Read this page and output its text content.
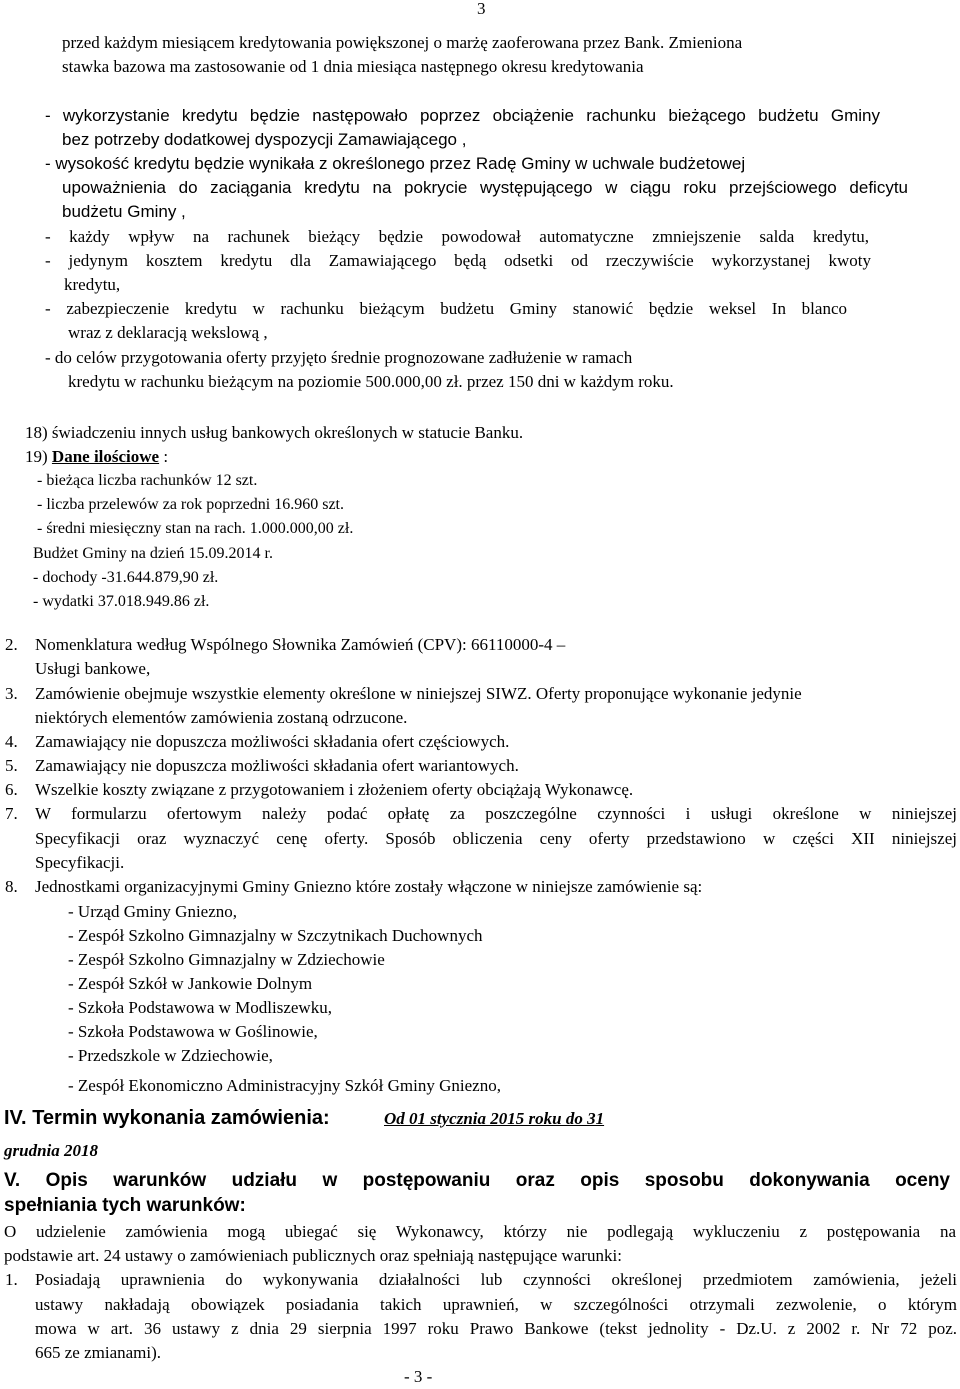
3
przed każdym miesiącem kredytowania powiększonej o marżę zaoferowana przez Bank. Zmieniona
stawka bazowa ma zastosowanie od 1 dnia miesiąca następnego okresu kredytowania
- wykorzystanie kredytu będzie następowało poprzez obciążenie rachunku bieżącego budżetu Gminy
bez potrzeby dodatkowej dyspozycji Zamawiającego ,
- wysokość kredytu będzie wynikała z określonego przez Radę Gminy w uchwale budżetowej
upoważnienia do zaciągania kredytu na pokrycie występującego w ciągu roku przejściowego deficytu
budżetu Gminy ,
- każdy wpływ na rachunek bieżący będzie powodował automatyczne zmniejszenie salda kredytu,
- jedynym kosztem kredytu dla Zamawiającego będą odsetki od rzeczywiście wykorzystanej kwoty
kredytu,
- zabezpieczenie kredytu w rachunku bieżącym budżetu Gminy stanowić będzie weksel In blanco
wraz z deklaracją wekslową ,
- do celów przygotowania oferty przyjęto średnie prognozowane zadłużenie w ramach
kredytu w rachunku bieżącym na poziomie 500.000,00 zł. przez 150 dni w każdym roku.
18) świadczeniu innych usług bankowych określonych w statucie Banku.
19) Dane ilościowe :
- bieżąca liczba rachunków 12 szt.
- liczba przelewów za rok poprzedni 16.960 szt.
- średni miesięczny stan na rach. 1.000.000,00 zł.
Budżet Gminy na dzień 15.09.2014 r.
- dochody -31.644.879,90 zł.
- wydatki 37.018.949.86 zł.
2. Nomenklatura według Wspólnego Słownika Zamówień (CPV): 66110000-4 –
Usługi bankowe,
3. Zamówienie obejmuje wszystkie elementy określone w niniejszej SIWZ. Oferty proponujące wykonanie jedynie
niektórych elementów zamówienia zostaną odrzucone.
4. Zamawiający nie dopuszcza możliwości składania ofert częściowych.
5. Zamawiający nie dopuszcza możliwości składania ofert wariantowych.
6. Wszelkie koszty związane z przygotowaniem i złożeniem oferty obciążają Wykonawcę.
7. W formularzu ofertowym należy podać opłatę za poszczególne czynności i usługi określone w niniejszej
Specyfikacji oraz wyznaczyć cenę oferty. Sposób obliczenia ceny oferty przedstawiono w części XII niniejszej
Specyfikacji.
8. Jednostkami organizacyjnymi Gminy Gniezno które zostały włączone w niniejsze zamówienie są:
- Urząd Gminy Gniezno,
- Zespół Szkolno Gimnazjalny w Szczytnikach Duchownych
- Zespół Szkolno Gimnazjalny w Zdziechowie
- Zespół Szkół w Jankowie Dolnym
- Szkoła Podstawowa w Modliszewku,
- Szkoła Podstawowa w Goślinowie,
- Przedszkole w Zdziechowie,
- Zespół Ekonomiczno Administracyjny Szkół Gminy Gniezno,
IV. Termin wykonania zamówienia:	Od 01 stycznia 2015 roku do 31
grudnia 2018
V. Opis warunków udziału w postępowaniu oraz opis sposobu dokonywania oceny
spełniania tych warunków:
O udzielenie zamówienia mogą ubiegać się Wykonawcy, którzy nie podlegają wykluczeniu z postępowania na
podstawie art. 24 ustawy o zamówieniach publicznych oraz spełniają następujące warunki:
1. Posiadają uprawnienia do wykonywania działalności lub czynności określonej przedmiotem zamówienia, jeżeli
ustawy nakładają obowiązek posiadania takich uprawnień, w szczególności otrzymali zezwolenie, o którym
mowa w art. 36 ustawy z dnia 29 sierpnia 1997 roku Prawo Bankowe (tekst jednolity - Dz.U. z 2002 r. Nr 72 poz.
665 ze zmianami).
- 3 -
